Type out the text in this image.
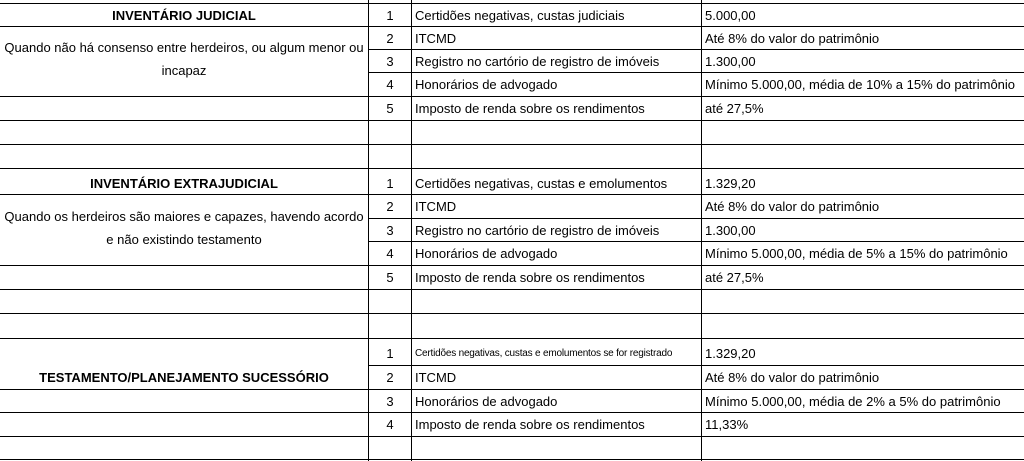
INVENTÁRIO JUDICIAL
Quando não há consenso entre herdeiros, ou algum menor ou incapaz
1	Certidões negativas, custas judiciais	5.000,00
2	ITCMD	Até 8% do valor do patrimônio
3	Registro no cartório de registro de imóveis	1.300,00
4	Honorários de advogado	Mínimo 5.000,00, média de 10% a 15% do patrimônio
5	Imposto de renda sobre os rendimentos	até 27,5%
INVENTÁRIO EXTRAJUDICIAL
Quando os herdeiros são maiores e capazes, havendo acordo e não existindo testamento
1	Certidões negativas, custas e emolumentos	1.329,20
2	ITCMD	Até 8% do valor do patrimônio
3	Registro no cartório de registro de imóveis	1.300,00
4	Honorários de advogado	Mínimo 5.000,00, média de 5% a 15% do patrimônio
5	Imposto de renda sobre os rendimentos	até 27,5%
TESTAMENTO/PLANEJAMENTO SUCESSÓRIO
1	Certidões negativas, custas e emolumentos se for registrado	1.329,20
2	ITCMD	Até 8% do valor do patrimônio
3	Honorários de advogado	Mínimo 5.000,00, média de 2% a 5% do patrimônio
4	Imposto de renda sobre os rendimentos	11,33%
